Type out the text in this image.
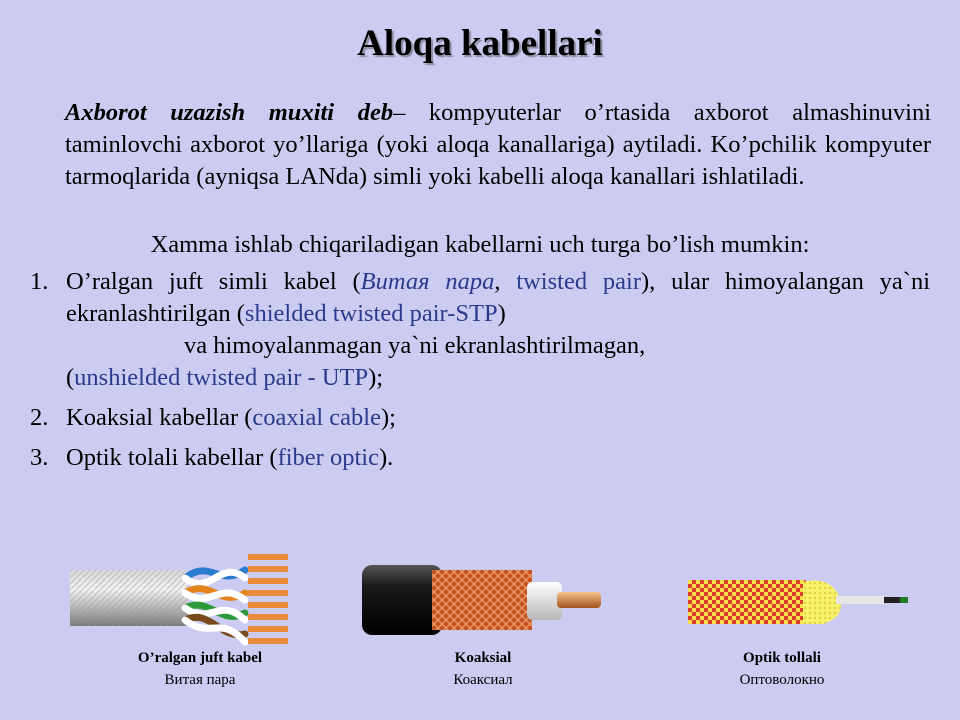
Aloqa kabellari
Axborot uzazish muxiti deb– kompyuterlar o’rtasida axborot almashinuvini taminlovchi axborot yo’llariga (yoki aloqa kanallariga) aytiladi. Ko’pchilik kompyuter tarmoqlarida (ayniqsa LANda) simli yoki kabelli aloqa kanallari ishlatiladi.
Xamma ishlab chiqariladigan kabellarni uch turga bo’lish mumkin:
1. O’ralgan juft simli kabel (Витая пара, twisted pair), ular himoyalangan ya`ni ekranlashtirilgan (shielded twisted pair-STP)
va himoyalanmagan ya`ni ekranlashtirilmagan,
(unshielded twisted pair - UTP);
2. Koaksial kabellar (coaxial cable);
3. Optik tolali kabellar (fiber optic).
O’ralgan juft kabel
Витая пара
Koaksial
Коаксиал
Optik tollali
Оптоволокно
